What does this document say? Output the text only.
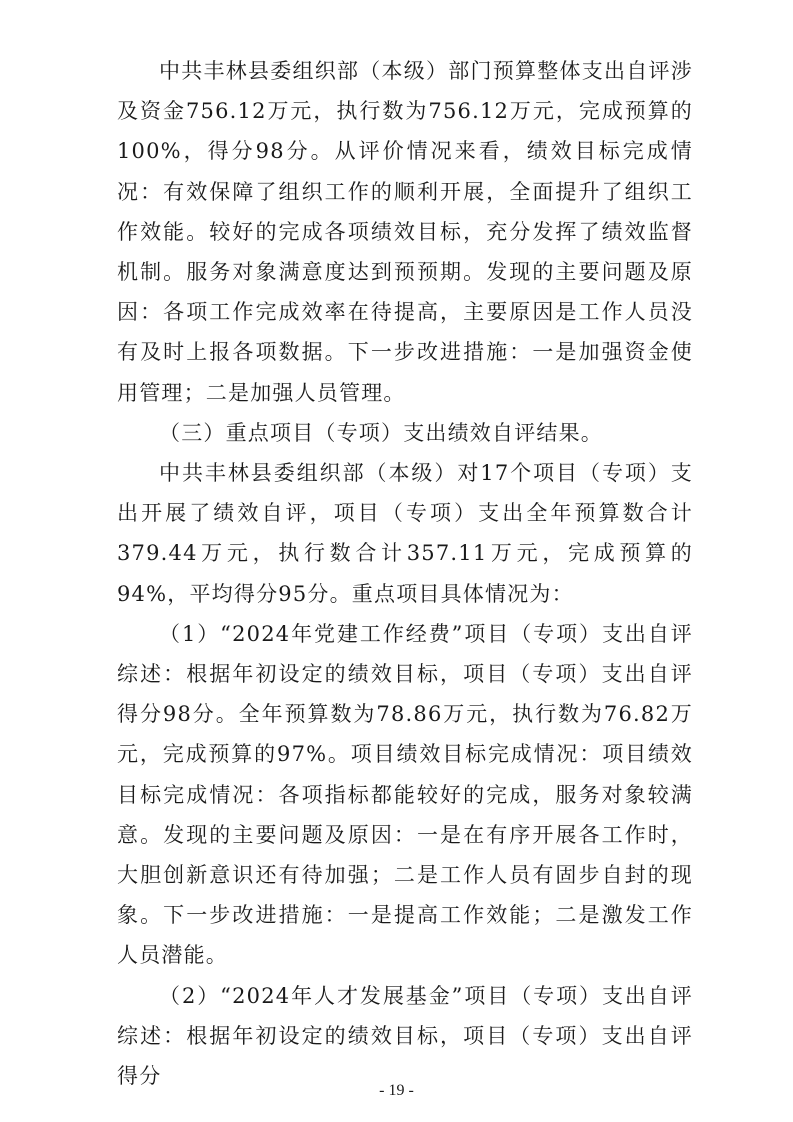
中共丰林县委组织部（本级）部门预算整体支出自评涉及资金756.12万元，执行数为756.12万元，完成预算的100%，得分98分。从评价情况来看，绩效目标完成情况：有效保障了组织工作的顺利开展，全面提升了组织工作效能。较好的完成各项绩效目标，充分发挥了绩效监督机制。服务对象满意度达到预预期。发现的主要问题及原因：各项工作完成效率在待提高，主要原因是工作人员没有及时上报各项数据。下一步改进措施：一是加强资金使用管理；二是加强人员管理。

（三）重点项目（专项）支出绩效自评结果。

中共丰林县委组织部（本级）对17个项目（专项）支出开展了绩效自评，项目（专项）支出全年预算数合计379.44万元，执行数合计357.11万元，完成预算的94%，平均得分95分。重点项目具体情况为：

（1）“2024年党建工作经费”项目（专项）支出自评综述：根据年初设定的绩效目标，项目（专项）支出自评得分98分。全年预算数为78.86万元，执行数为76.82万元，完成预算的97%。项目绩效目标完成情况：项目绩效目标完成情况：各项指标都能较好的完成，服务对象较满意。发现的主要问题及原因：一是在有序开展各工作时，大胆创新意识还有待加强；二是工作人员有固步自封的现象。下一步改进措施：一是提高工作效能；二是激发工作人员潜能。

（2）“2024年人才发展基金”项目（专项）支出自评综述：根据年初设定的绩效目标，项目（专项）支出自评得分

- 19 -
